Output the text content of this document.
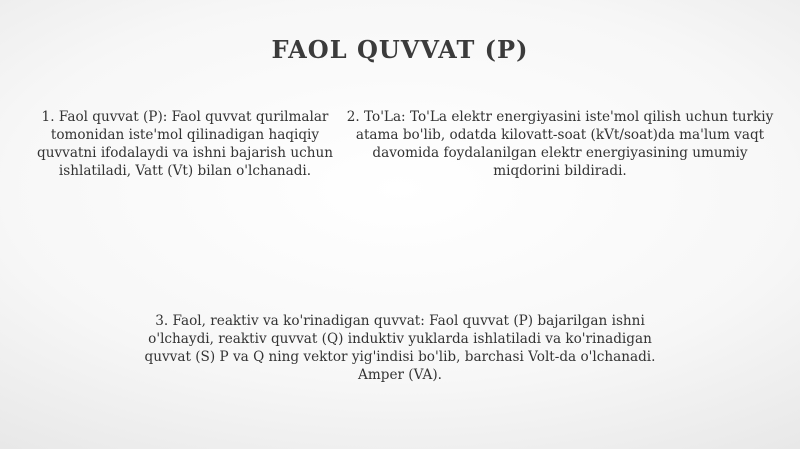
FAOL QUVVAT (P)
1. Faol quvvat (P): Faol quvvat qurilmalar tomonidan iste'mol qilinadigan haqiqiy quvvatni ifodalaydi va ishni bajarish uchun ishlatiladi, Vatt (Vt) bilan o'lchanadi.
2. To'La: To'La elektr energiyasini iste'mol qilish uchun turkiy atama bo'lib, odatda kilovatt-soat (kVt/soat)da ma'lum vaqt davomida foydalanilgan elektr energiyasining umumiy miqdorini bildiradi.
3. Faol, reaktiv va ko'rinadigan quvvat: Faol quvvat (P) bajarilgan ishni o'lchaydi, reaktiv quvvat (Q) induktiv yuklarda ishlatiladi va ko'rinadigan quvvat (S) P va Q ning vektor yig'indisi bo'lib, barchasi Volt-da o'lchanadi. Amper (VA).
